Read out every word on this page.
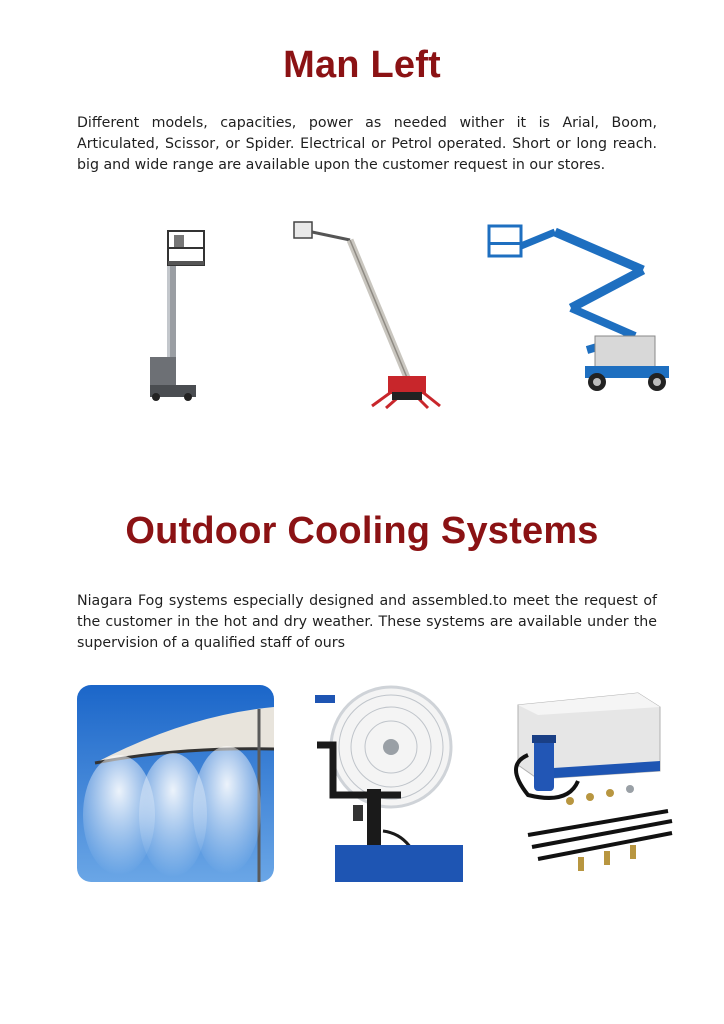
Man Left

Different models, capacities, power as needed wither it is Arial, Boom, Articulated, Scissor, or Spider. Electrical or Petrol operated. Short or long reach. big and wide range are available upon the customer request in our stores.

Outdoor Cooling Systems

Niagara Fog systems especially designed and assembled.to meet the request of the customer in the hot and dry weather. These systems are available under the supervision of a qualified staff of ours
